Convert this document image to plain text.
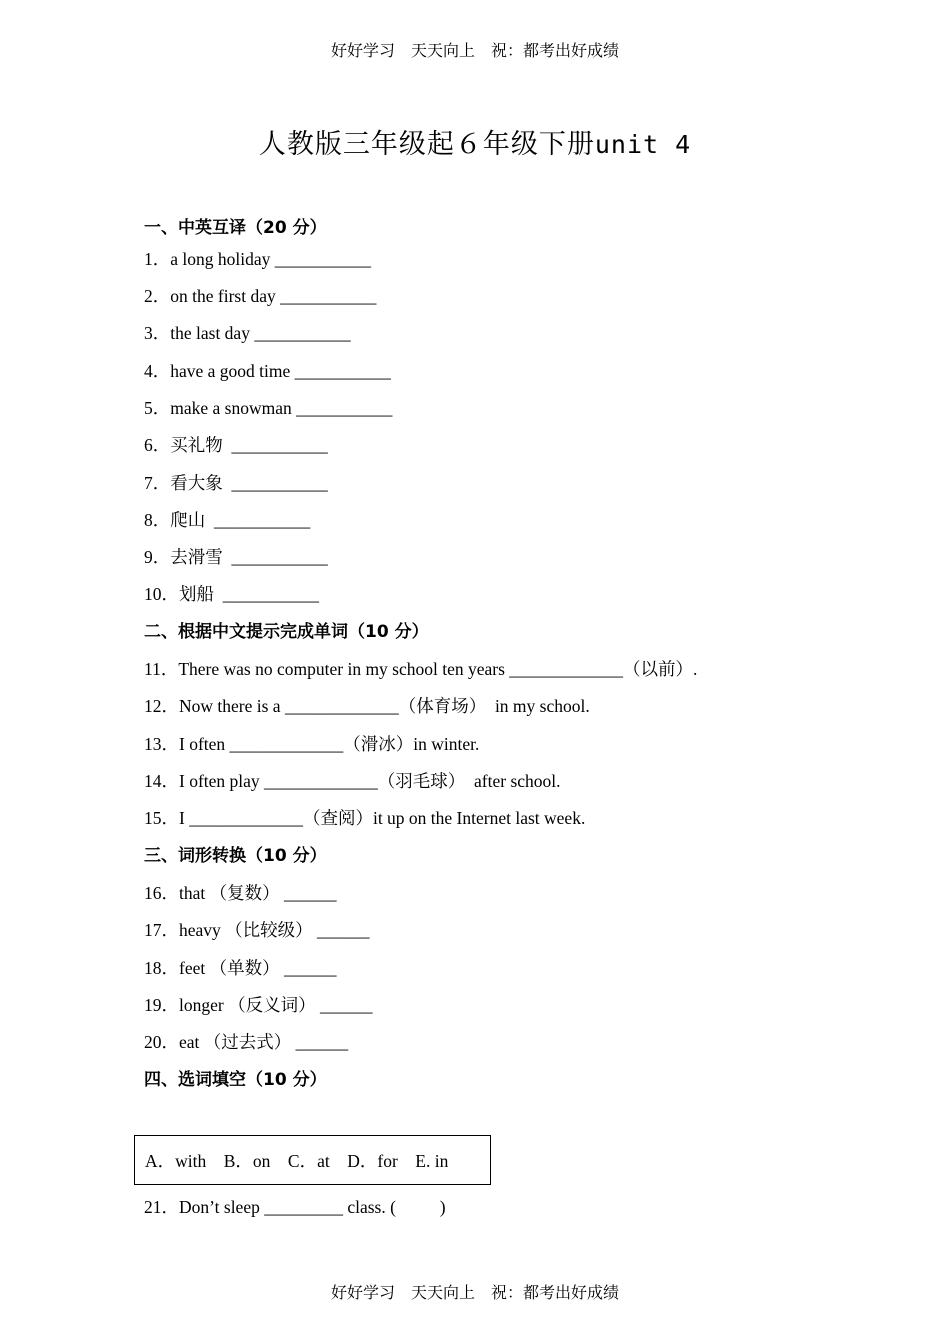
好好学习　天天向上　祝：都考出好成绩
人教版三年级起６年级下册unit 4
一、中英互译（20 分）
1．a long holiday ___________
2．on the first day ___________
3．the last day ___________
4．have a good time ___________
5．make a snowman ___________
6．买礼物  ___________
7．看大象  ___________
8．爬山  ___________
9．去滑雪  ___________
10．划船  ___________
二、根据中文提示完成单词（10 分）
11．There was no computer in my school ten years _____________（以前）.
12．Now there is a _____________（体育场）  in my school.
13．I often _____________（滑冰）in winter.
14．I often play _____________（羽毛球）  after school.
15．I _____________（查阅）it up on the Internet last week.
三、词形转换（10 分）
16．that （复数） ______
17．heavy （比较级） ______
18．feet （单数） ______
19．longer （反义词） ______
20．eat （过去式） ______
四、选词填空（10 分）
A．with    B．on    C．at    D．for    E. in
21．Don’t sleep _________ class. (          )
好好学习　天天向上　祝：都考出好成绩
